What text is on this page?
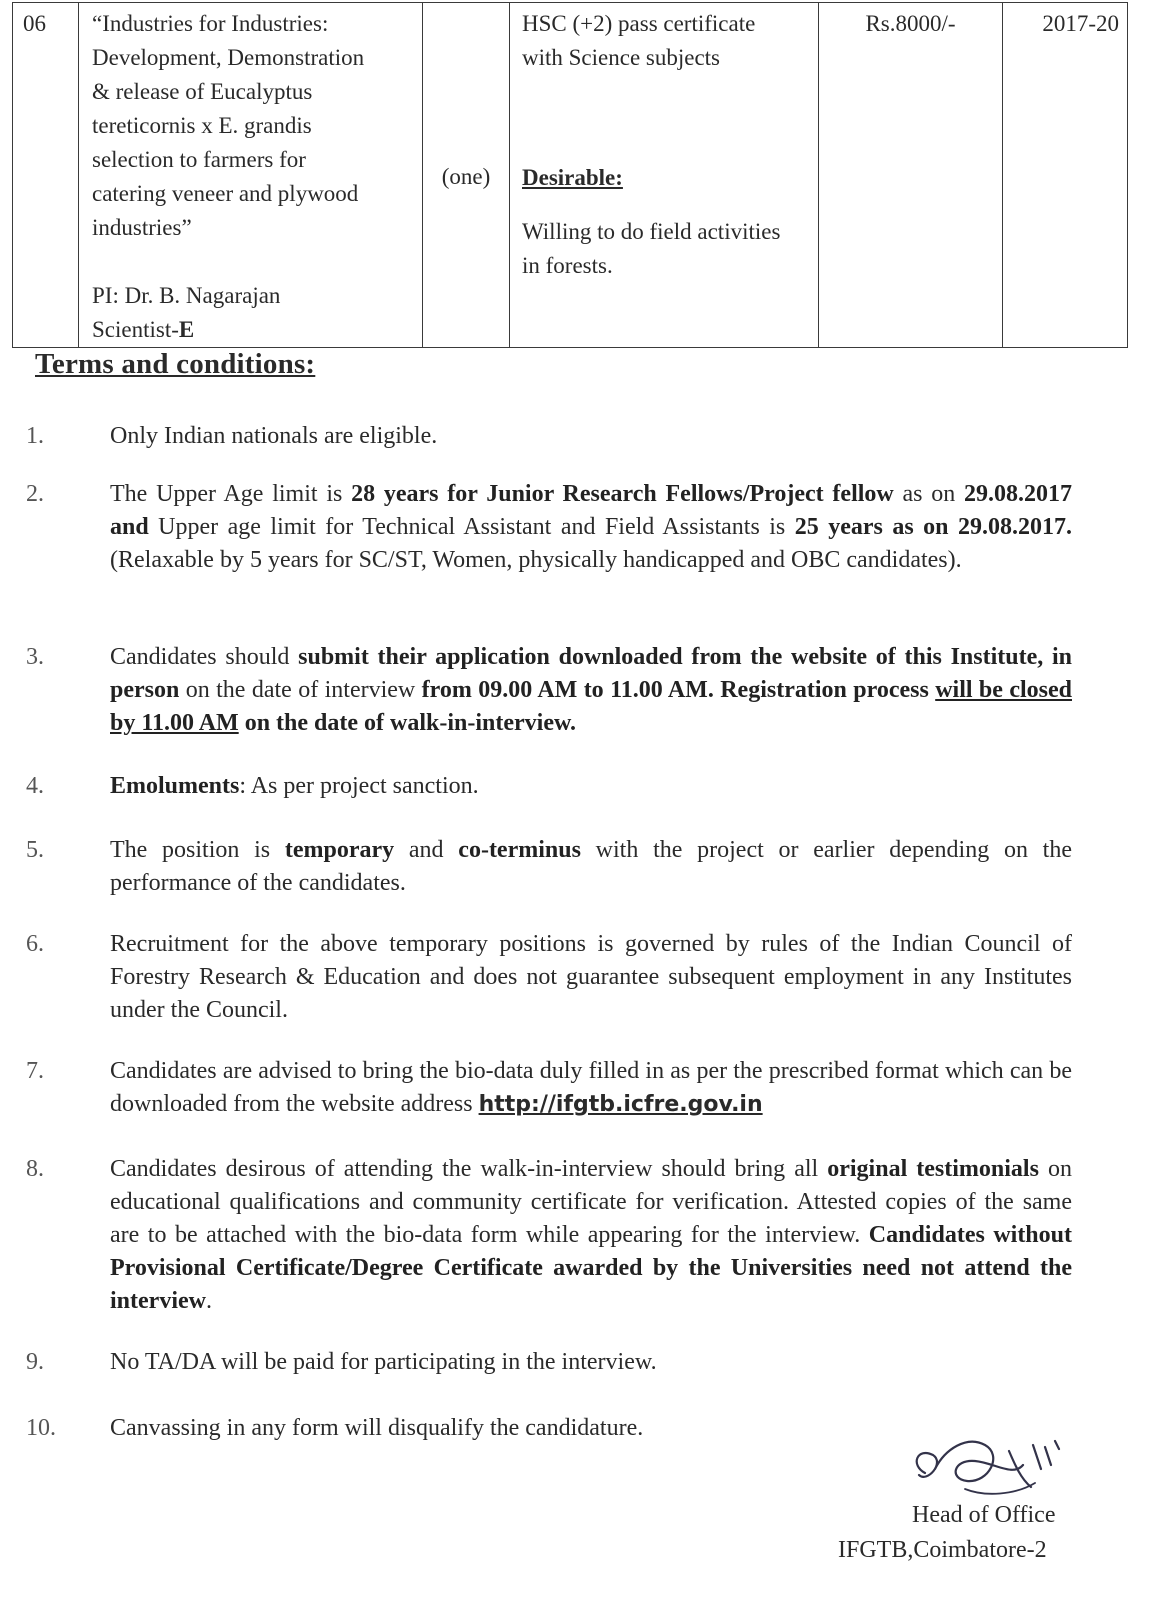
06	“Industries for Industries:
Development, Demonstration
& release of Eucalyptus
tereticornis x E. grandis
selection to farmers for
catering veneer and plywood
industries”
PI: Dr. B. Nagarajan
Scientist-E
	(one)	
HSC (+2) pass certificate
with Science subjects
Desirable:
Willing to do field activities
in forests.
	Rs.8000/-	2017-20
Terms and conditions:
1.	Only Indian nationals are eligible.
2.	The Upper Age limit is 28 years for Junior Research Fellows/Project fellow as on 29.08.2017 and Upper age limit for Technical Assistant and Field Assistants is 25 years as on 29.08.2017. (Relaxable by 5 years for SC/ST, Women, physically handicapped and OBC candidates).
3.	Candidates should submit their application downloaded from the website of this Institute, in person on the date of interview from 09.00 AM to 11.00 AM. Registration process will be closed by 11.00 AM on the date of walk-in-interview.
4.	Emoluments: As per project sanction.
5.	The position is temporary and co-terminus with the project or earlier depending on the performance of the candidates.
6.	Recruitment for the above temporary positions is governed by rules of the Indian Council of Forestry Research & Education and does not guarantee subsequent employment in any Institutes under the Council.
7.	Candidates are advised to bring the bio-data duly filled in as per the prescribed format which can be downloaded from the website address http://ifgtb.icfre.gov.in
8.	Candidates desirous of attending the walk-in-interview should bring all original testimonials on educational qualifications and community certificate for verification. Attested copies of the same are to be attached with the bio-data form while appearing for the interview. Candidates without Provisional Certificate/Degree Certificate awarded by the Universities need not attend the interview.
9.	No TA/DA will be paid for participating in the interview.
10.	Canvassing in any form will disqualify the candidature.
Head of Office
IFGTB,Coimbatore-2
